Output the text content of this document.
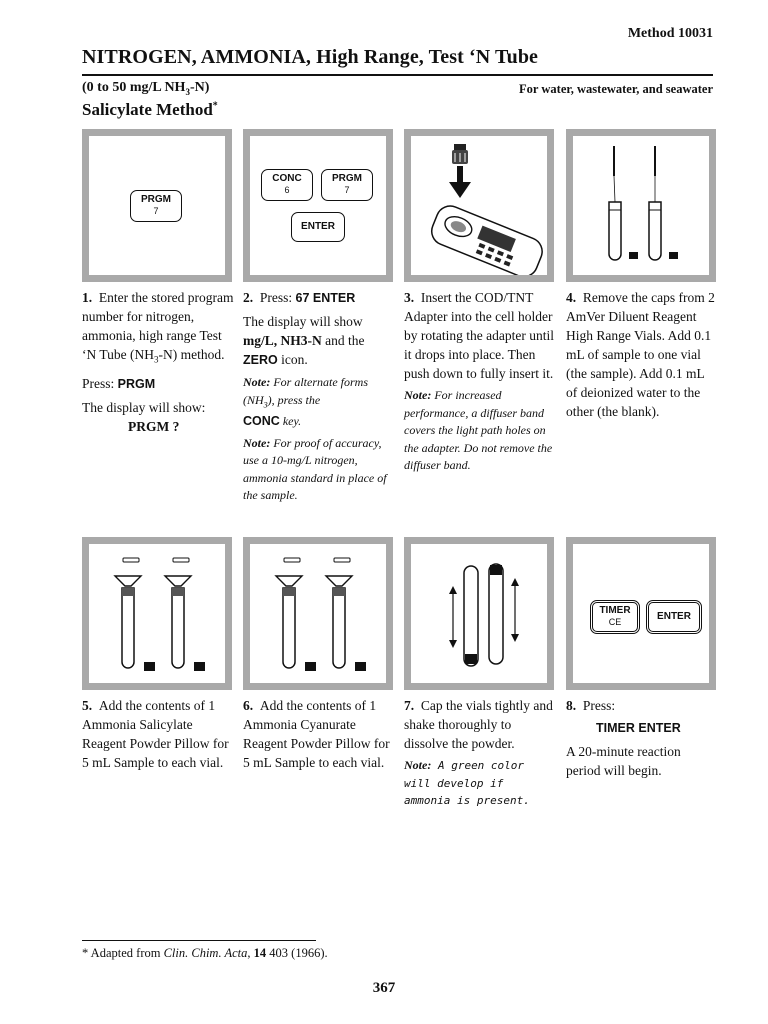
Method 10031
NITROGEN, AMMONIA, High Range, Test ‘N Tube
(0 to 50 mg/L $NH_3-N$)	For water, wastewater, and seawater
Salicylate Method*
PRGM
7
CONC
6
PRGM
7
ENTER
TIMER
CE	ENTER

1. Enter the stored program number for nitrogen, ammonia, high range Test ‘N Tube $(NH_3-N)$ method.

Press: PRGM

The display will show:

PRGM ?

2. Press: 67 ENTER

The display will show mg/L, NH3-N and the ZERO icon.

Note: For alternate forms $(NH_3)$, press the
CONC key.

Note: For proof of accuracy, use a 10-mg/L nitrogen, ammonia standard in place of the sample.

3. Insert the COD/TNT Adapter into the cell holder by rotating the adapter until it drops into place. Then push down to fully insert it.

Note: For increased performance, a diffuser band covers the light path holes on the adapter. Do not remove the diffuser band.

4. Remove the caps from 2 AmVer Diluent Reagent High Range Vials. Add 0.1 mL of sample to one vial (the sample). Add 0.1 mL of deionized water to the other (the blank).

5. Add the contents of 1 Ammonia Salicylate Reagent Powder Pillow for 5 mL Sample to each vial.

6. Add the contents of 1 Ammonia Cyanurate Reagent Powder Pillow for 5 mL Sample to each vial.

7. Cap the vials tightly and shake thoroughly to dissolve the powder.

Note: A green color will develop if ammonia is present.

8. Press:

TIMER ENTER

A 20-minute reaction period will begin.

* Adapted from Clin. Chim. Acta, 14 403 (1966).
367
